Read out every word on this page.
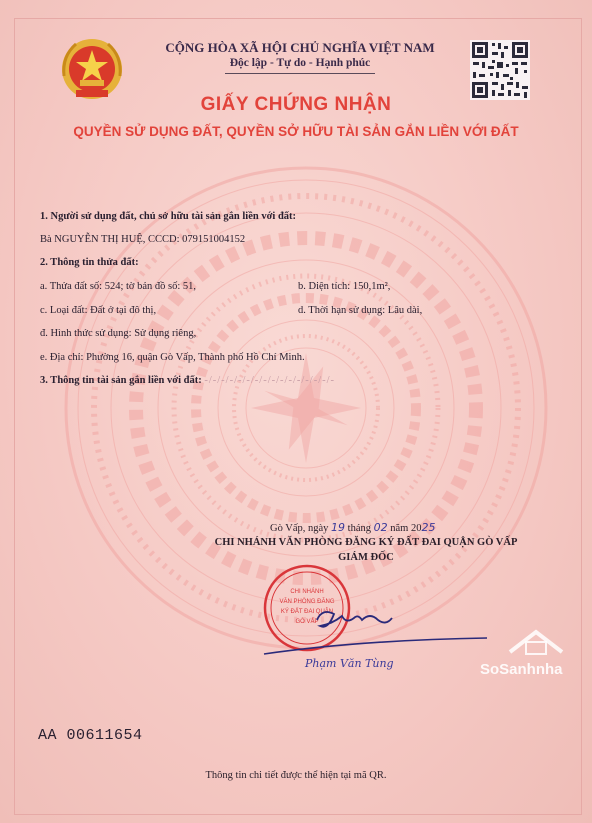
CỘNG HÒA XÃ HỘI CHỦ NGHĨA VIỆT NAM
Độc lập - Tự do - Hạnh phúc
GIẤY CHỨNG NHẬN
QUYỀN SỬ DỤNG ĐẤT, QUYỀN SỞ HỮU TÀI SẢN GẮN LIỀN VỚI ĐẤT
1. Người sử dụng đất, chủ sở hữu tài sản gắn liền với đất:
Bà NGUYỄN THỊ HUỆ, CCCD: 079151004152
2. Thông tin thửa đất:
a. Thửa đất số: 524; tờ bản đồ số: 51,	b. Diện tích: 150,1m²,
c. Loại đất: Đất ở tại đô thị,	d. Thời hạn sử dụng: Lâu dài,
đ. Hình thức sử dụng: Sử dụng riêng,
e. Địa chỉ: Phường 16, quận Gò Vấp, Thành phố Hồ Chí Minh.
3. Thông tin tài sản gắn liền với đất: -/-/-/-/-/-/-/-/-/-/-/-/-/-/-/-
Gò Vấp, ngày 19 tháng 02 năm 2025
CHI NHÁNH VĂN PHÒNG ĐĂNG KÝ ĐẤT ĐAI QUẬN GÒ VẤP
GIÁM ĐỐC
CHI NHÁNH
VĂN PHÒNG ĐĂNG
KÝ ĐẤT ĐAI QUẬN
GÒ VẤP
Phạm Văn Tùng
AA 00611654
Thông tin chi tiết được thể hiện tại mã QR.
SoSanhnha
